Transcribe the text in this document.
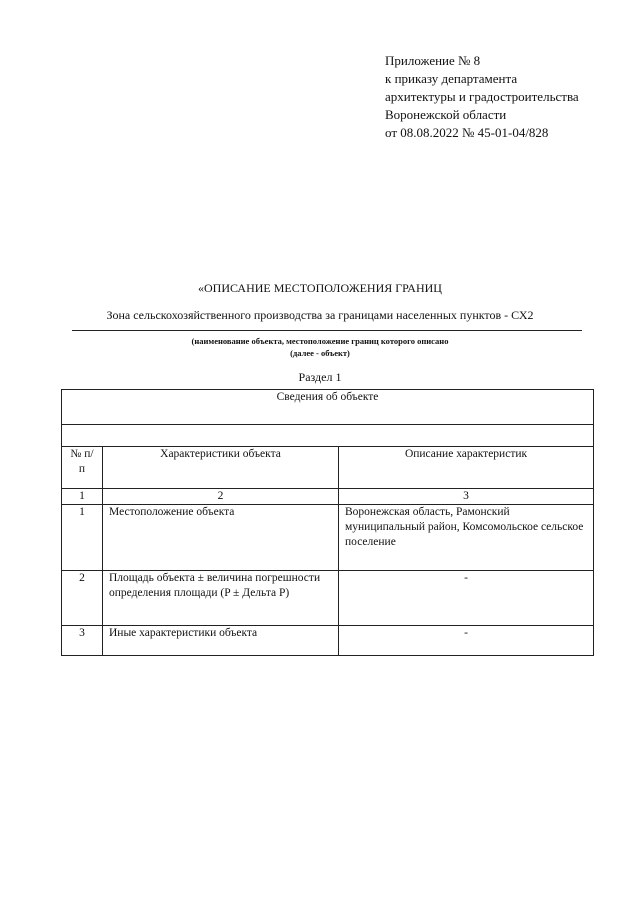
Приложение № 8
к приказу департамента
архитектуры и градостроительства
Воронежской области
от 08.08.2022 № 45-01-04/828
«ОПИСАНИЕ МЕСТОПОЛОЖЕНИЯ ГРАНИЦ
Зона сельскохозяйственного производства за границами населенных пунктов - СХ2
(наименование объекта, местоположение границ которого описано
(далее - объект)
Раздел 1
Сведения об объекте		

№ п/п	Характеристики объекта	Описание характеристик
1	2	3
1	Местоположение объекта	Воронежская область, Рамонский муниципальный район, Комсомольское сельское поселение
2	Площадь объекта ± величина погрешности определения площади (P ± Дельта P)	-
3	Иные характеристики объекта	-
